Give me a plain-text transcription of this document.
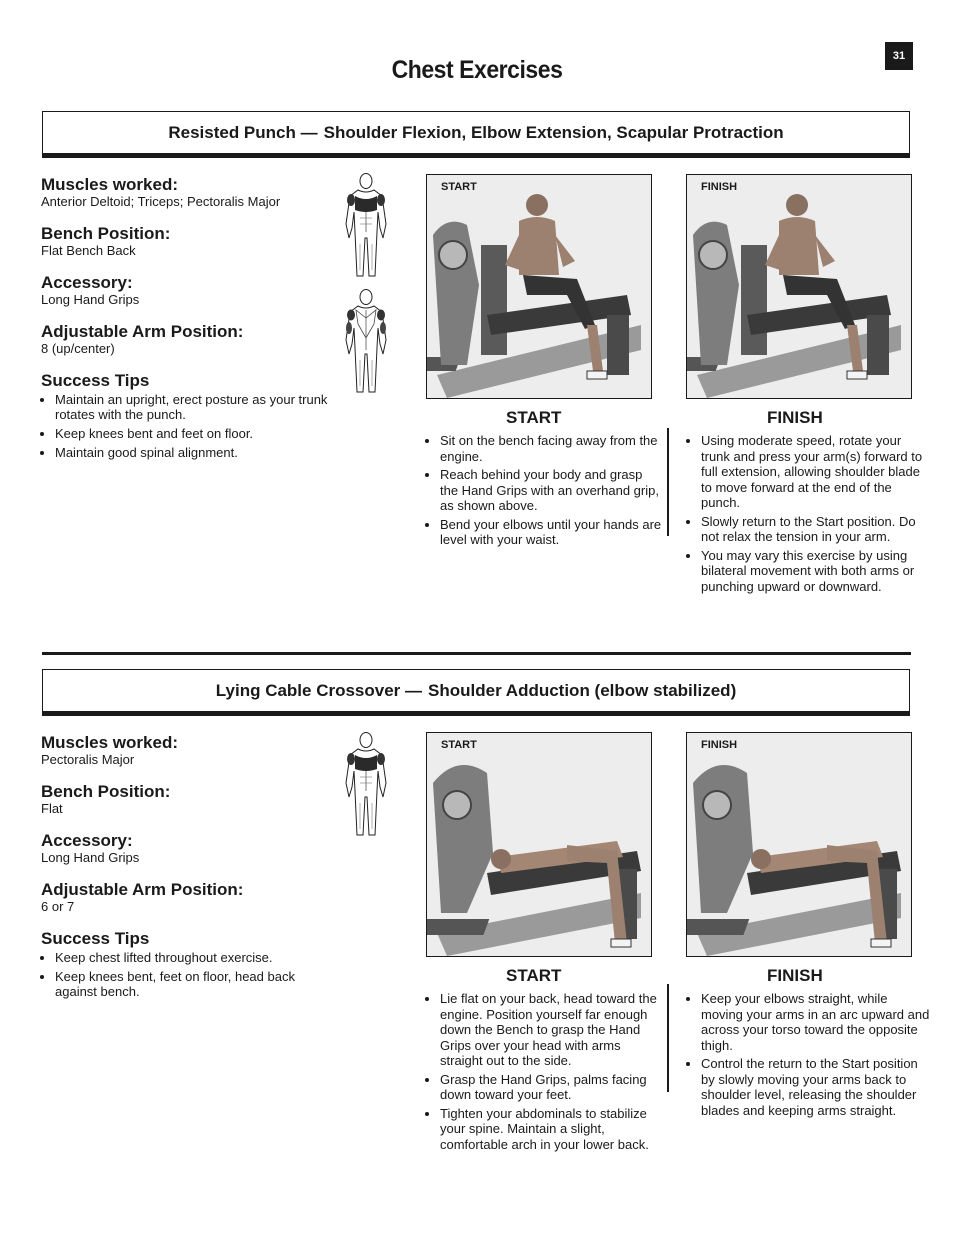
31
Chest Exercises
Resisted Punch — Shoulder Flexion, Elbow Extension, Scapular Protraction
Muscles worked:
Anterior Deltoid; Triceps; Pectoralis Major
Bench Position:
Flat Bench Back
Accessory:
Long Hand Grips
Adjustable Arm Position:
8 (up/center)
Success Tips
• Maintain an upright, erect posture as your trunk rotates with the punch.
• Keep knees bent and feet on floor.
• Maintain good spinal alignment.
START	FINISH
START
• Sit on the bench facing away from the engine.
• Reach behind your body and grasp the Hand Grips with an overhand grip, as shown above.
• Bend your elbows until your hands are level with your waist.
FINISH
• Using moderate speed, rotate your trunk and press your arm(s) forward to full extension, allowing shoulder blade to move forward at the end of the punch.
• Slowly return to the Start position. Do not relax the tension in your arm.
• You may vary this exercise by using bilateral movement with both arms or punching upward or downward.
Lying Cable Crossover — Shoulder Adduction (elbow stabilized)
Muscles worked:
Pectoralis Major
Bench Position:
Flat
Accessory:
Long Hand Grips
Adjustable Arm Position:
6 or 7
Success Tips
• Keep chest lifted throughout exercise.
• Keep knees bent, feet on floor, head back against bench.
START	FINISH
START
• Lie flat on your back, head toward the engine. Position yourself far enough down the Bench to grasp the Hand Grips over your head with arms straight out to the side.
• Grasp the Hand Grips, palms facing down toward your feet.
• Tighten your abdominals to stabilize your spine. Maintain a slight, comfortable arch in your lower back.
FINISH
• Keep your elbows straight, while moving your arms in an arc upward and across your torso toward the opposite thigh.
• Control the return to the Start position by slowly moving your arms back to shoulder level, releasing the shoulder blades and keeping arms straight.
